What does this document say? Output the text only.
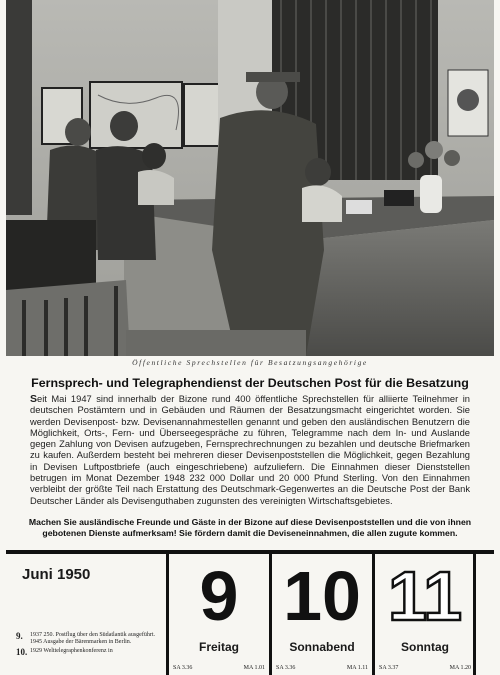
Öffentliche Sprechstellen für Besatzungsangehörige
Fernsprech- und Telegraphendienst der Deutschen Post für die Besatzung
Seit Mai 1947 sind innerhalb der Bizone rund 400 öffentliche Sprechstellen für alliierte Teilnehmer in deutschen Postämtern und in Gebäuden und Räumen der Besatzungsmacht eingerichtet worden. Sie werden Devisenpost- bzw. Devisenannahmestellen genannt und geben den ausländischen Benutzern die Möglichkeit, Orts-, Fern- und Überseegespräche zu führen, Telegramme nach dem In- und Auslande gegen Zahlung von Devisen aufzugeben, Fernsprechrechnungen zu bezahlen und deutsche Briefmarken zu kaufen. Außerdem besteht bei mehreren dieser Devisenpoststellen die Möglichkeit, gegen Bezahlung in Devisen Luftpostbriefe (auch eingeschriebene) aufzuliefern. Die Einnahmen dieser Dienststellen betrugen im Monat Dezember 1948 232 000 Dollar und 20 000 Pfund Sterling. Von den Einnahmen verbleibt der größte Teil nach Erstattung des Deutschmark-Gegenwertes an die Deutsche Post der Bank Deutscher Länder als Devisenguthaben zugunsten des vereinigten Wirtschaftsgebietes.
Machen Sie ausländische Freunde und Gäste in der Bizone auf diese Devisenpoststellen und die von ihnen gebotenen Dienste aufmerksam! Sie fördern damit die Deviseneinnahmen, die allen zugute kommen.
Juni 1950
9.	1937 250. Postflug über den Südatlantik ausgeführt. 1945 Ausgabe der Bärenmarken in Berlin.
10. 1929 Welttelegraphenkonferenz in
9
Freitag
SA 3.36	MA 1.01
10
Sonnabend
SA 3.36	MA 1.11
11
Sonntag
SA 3.37	MA 1.20
